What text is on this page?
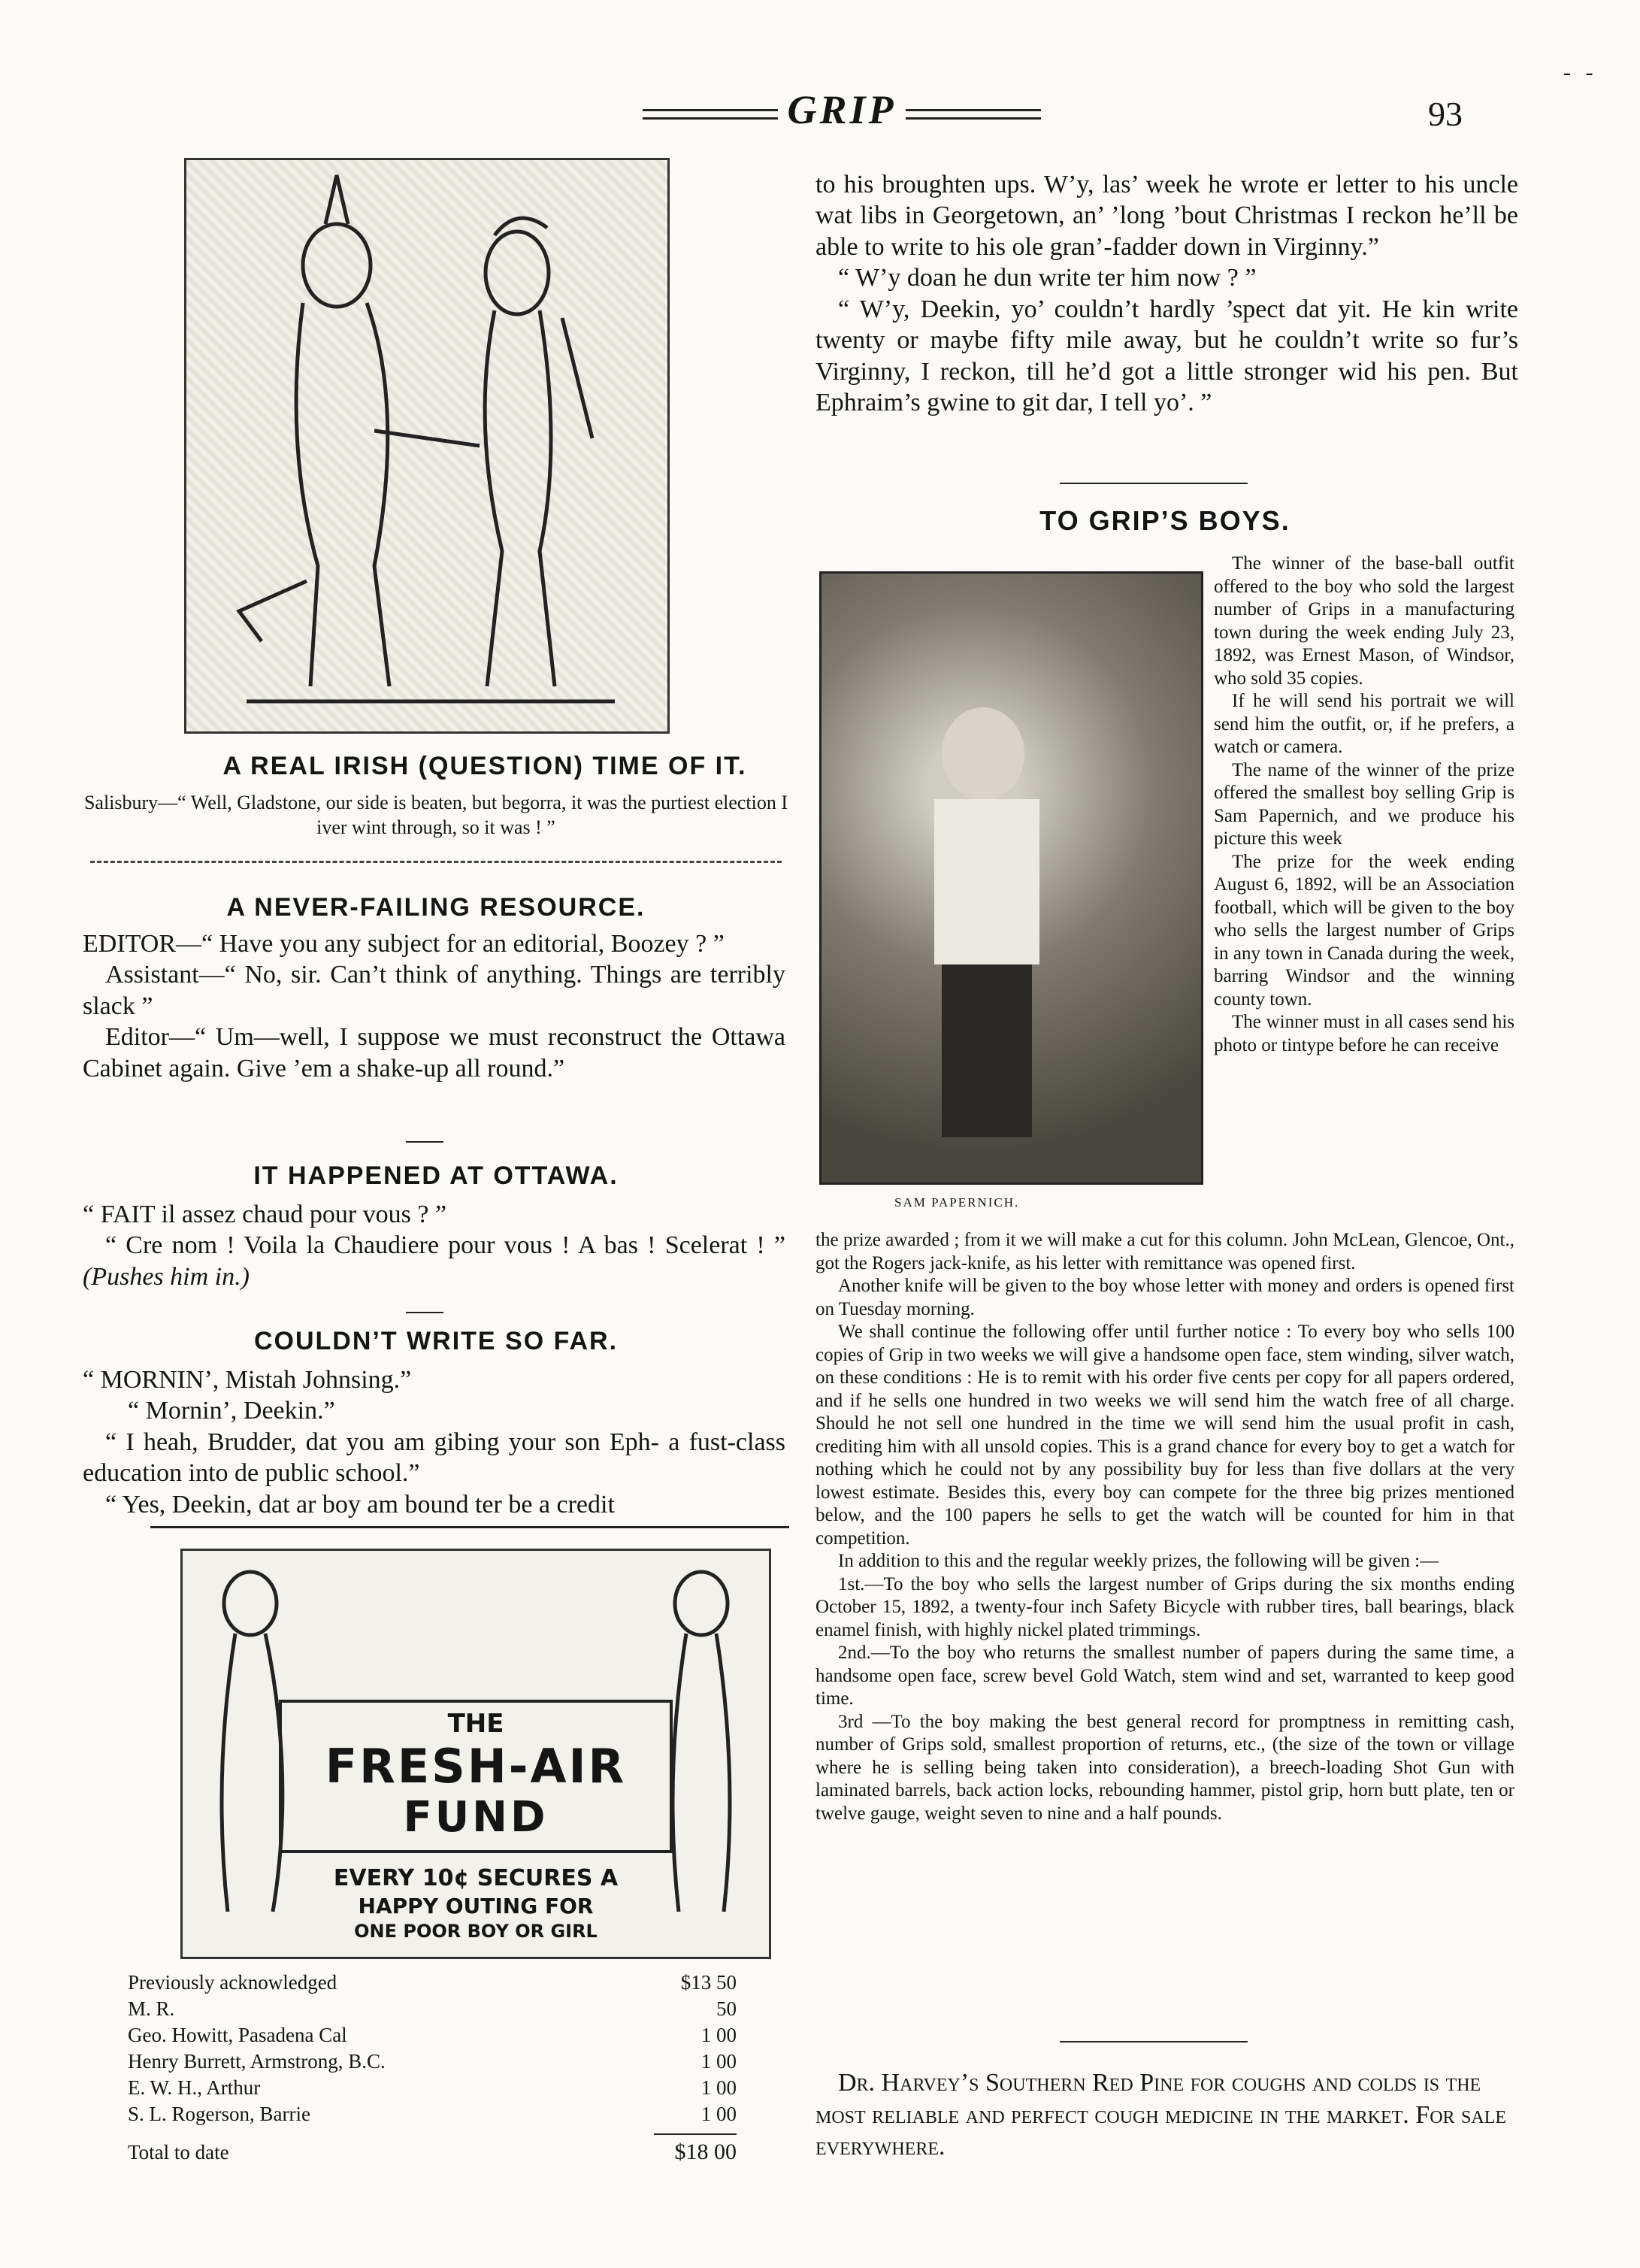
- -
GRIP	93
A REAL IRISH (QUESTION) TIME OF IT.
Salisbury—“ Well, Gladstone, our side is beaten, but begorra, it was the purtiest election I iver wint through, so it was ! ”
A NEVER-FAILING RESOURCE.
EDITOR—“ Have you any subject for an editorial, Boozey ? ”
Assistant—“ No, sir. Can’t think of anything. Things are terribly slack ”
Editor—“ Um—well, I suppose we must reconstruct the Ottawa Cabinet again. Give ’em a shake-up all round.”
IT HAPPENED AT OTTAWA.
“ FAIT il assez chaud pour vous ? ”
“ Cre nom ! Voila la Chaudiere pour vous ! A bas ! Scelerat ! ” (Pushes him in.)
COULDN’T WRITE SO FAR.
“ MORNIN’, Mistah Johnsing.”
“ Mornin’, Deekin.”
“ I heah, Brudder, dat you am gibing your son Eph- a fust-class education into de public school.”
“ Yes, Deekin, dat ar boy am bound ter be a credit
THE
FRESH-AIR
FUND
EVERY 10¢ SECURES A
HAPPY OUTING FOR
ONE POOR BOY OR GIRL
Previously acknowledged	$13 50
M. R.	50
Geo. Howitt, Pasadena Cal	1 00
Henry Burrett, Armstrong, B.C.	1 00
E. W. H., Arthur	1 00
S. L. Rogerson, Barrie	1 00
Total to date	$18 00
to his broughten ups. W’y, las’ week he wrote er letter to his uncle wat libs in Georgetown, an’ ’long ’bout Christmas I reckon he’ll be able to write to his ole gran’-fadder down in Virginny.”
“ W’y doan he dun write ter him now ? ”
“ W’y, Deekin, yo’ couldn’t hardly ’spect dat yit. He kin write twenty or maybe fifty mile away, but he couldn’t write so fur’s Virginny, I reckon, till he’d got a little stronger wid his pen. But Ephraim’s gwine to git dar, I tell yo’. ”
TO GRIP’S BOYS.
SAM PAPERNICH.
The winner of the base-ball outfit offered to the boy who sold the largest number of Grips in a manufacturing town during the week ending July 23, 1892, was Ernest Mason, of Windsor, who sold 35 copies.
If he will send his portrait we will send him the outfit, or, if he prefers, a watch or camera.
The name of the winner of the prize offered the smallest boy selling Grip is Sam Papernich, and we produce his picture this week
The prize for the week ending August 6, 1892, will be an Association football, which will be given to the boy who sells the largest number of Grips in any town in Canada during the week, barring Windsor and the winning county town.
The winner must in all cases send his photo or tintype before he can receive
the prize awarded ; from it we will make a cut for this column. John McLean, Glencoe, Ont., got the Rogers jack-knife, as his letter with remittance was opened first.
Another knife will be given to the boy whose letter with money and orders is opened first on Tuesday morning.
We shall continue the following offer until further notice : To every boy who sells 100 copies of Grip in two weeks we will give a handsome open face, stem winding, silver watch, on these conditions : He is to remit with his order five cents per copy for all papers ordered, and if he sells one hundred in two weeks we will send him the watch free of all charge. Should he not sell one hundred in the time we will send him the usual profit in cash, crediting him with all unsold copies. This is a grand chance for every boy to get a watch for nothing which he could not by any possibility buy for less than five dollars at the very lowest estimate. Besides this, every boy can compete for the three big prizes mentioned below, and the 100 papers he sells to get the watch will be counted for him in that competition.
In addition to this and the regular weekly prizes, the following will be given :—
1st.—To the boy who sells the largest number of Grips during the six months ending October 15, 1892, a twenty-four inch Safety Bicycle with rubber tires, ball bearings, black enamel finish, with highly nickel plated trimmings.
2nd.—To the boy who returns the smallest number of papers during the same time, a handsome open face, screw bevel Gold Watch, stem wind and set, warranted to keep good time.
3rd —To the boy making the best general record for promptness in remitting cash, number of Grips sold, smallest proportion of returns, etc., (the size of the town or village where he is selling being taken into consideration), a breech-loading Shot Gun with laminated barrels, back action locks, rebounding hammer, pistol grip, horn butt plate, ten or twelve gauge, weight seven to nine and a half pounds.
Dr. Harvey’s Southern Red Pine for coughs and colds is the most reliable and perfect cough medicine in the market. For sale everywhere.
